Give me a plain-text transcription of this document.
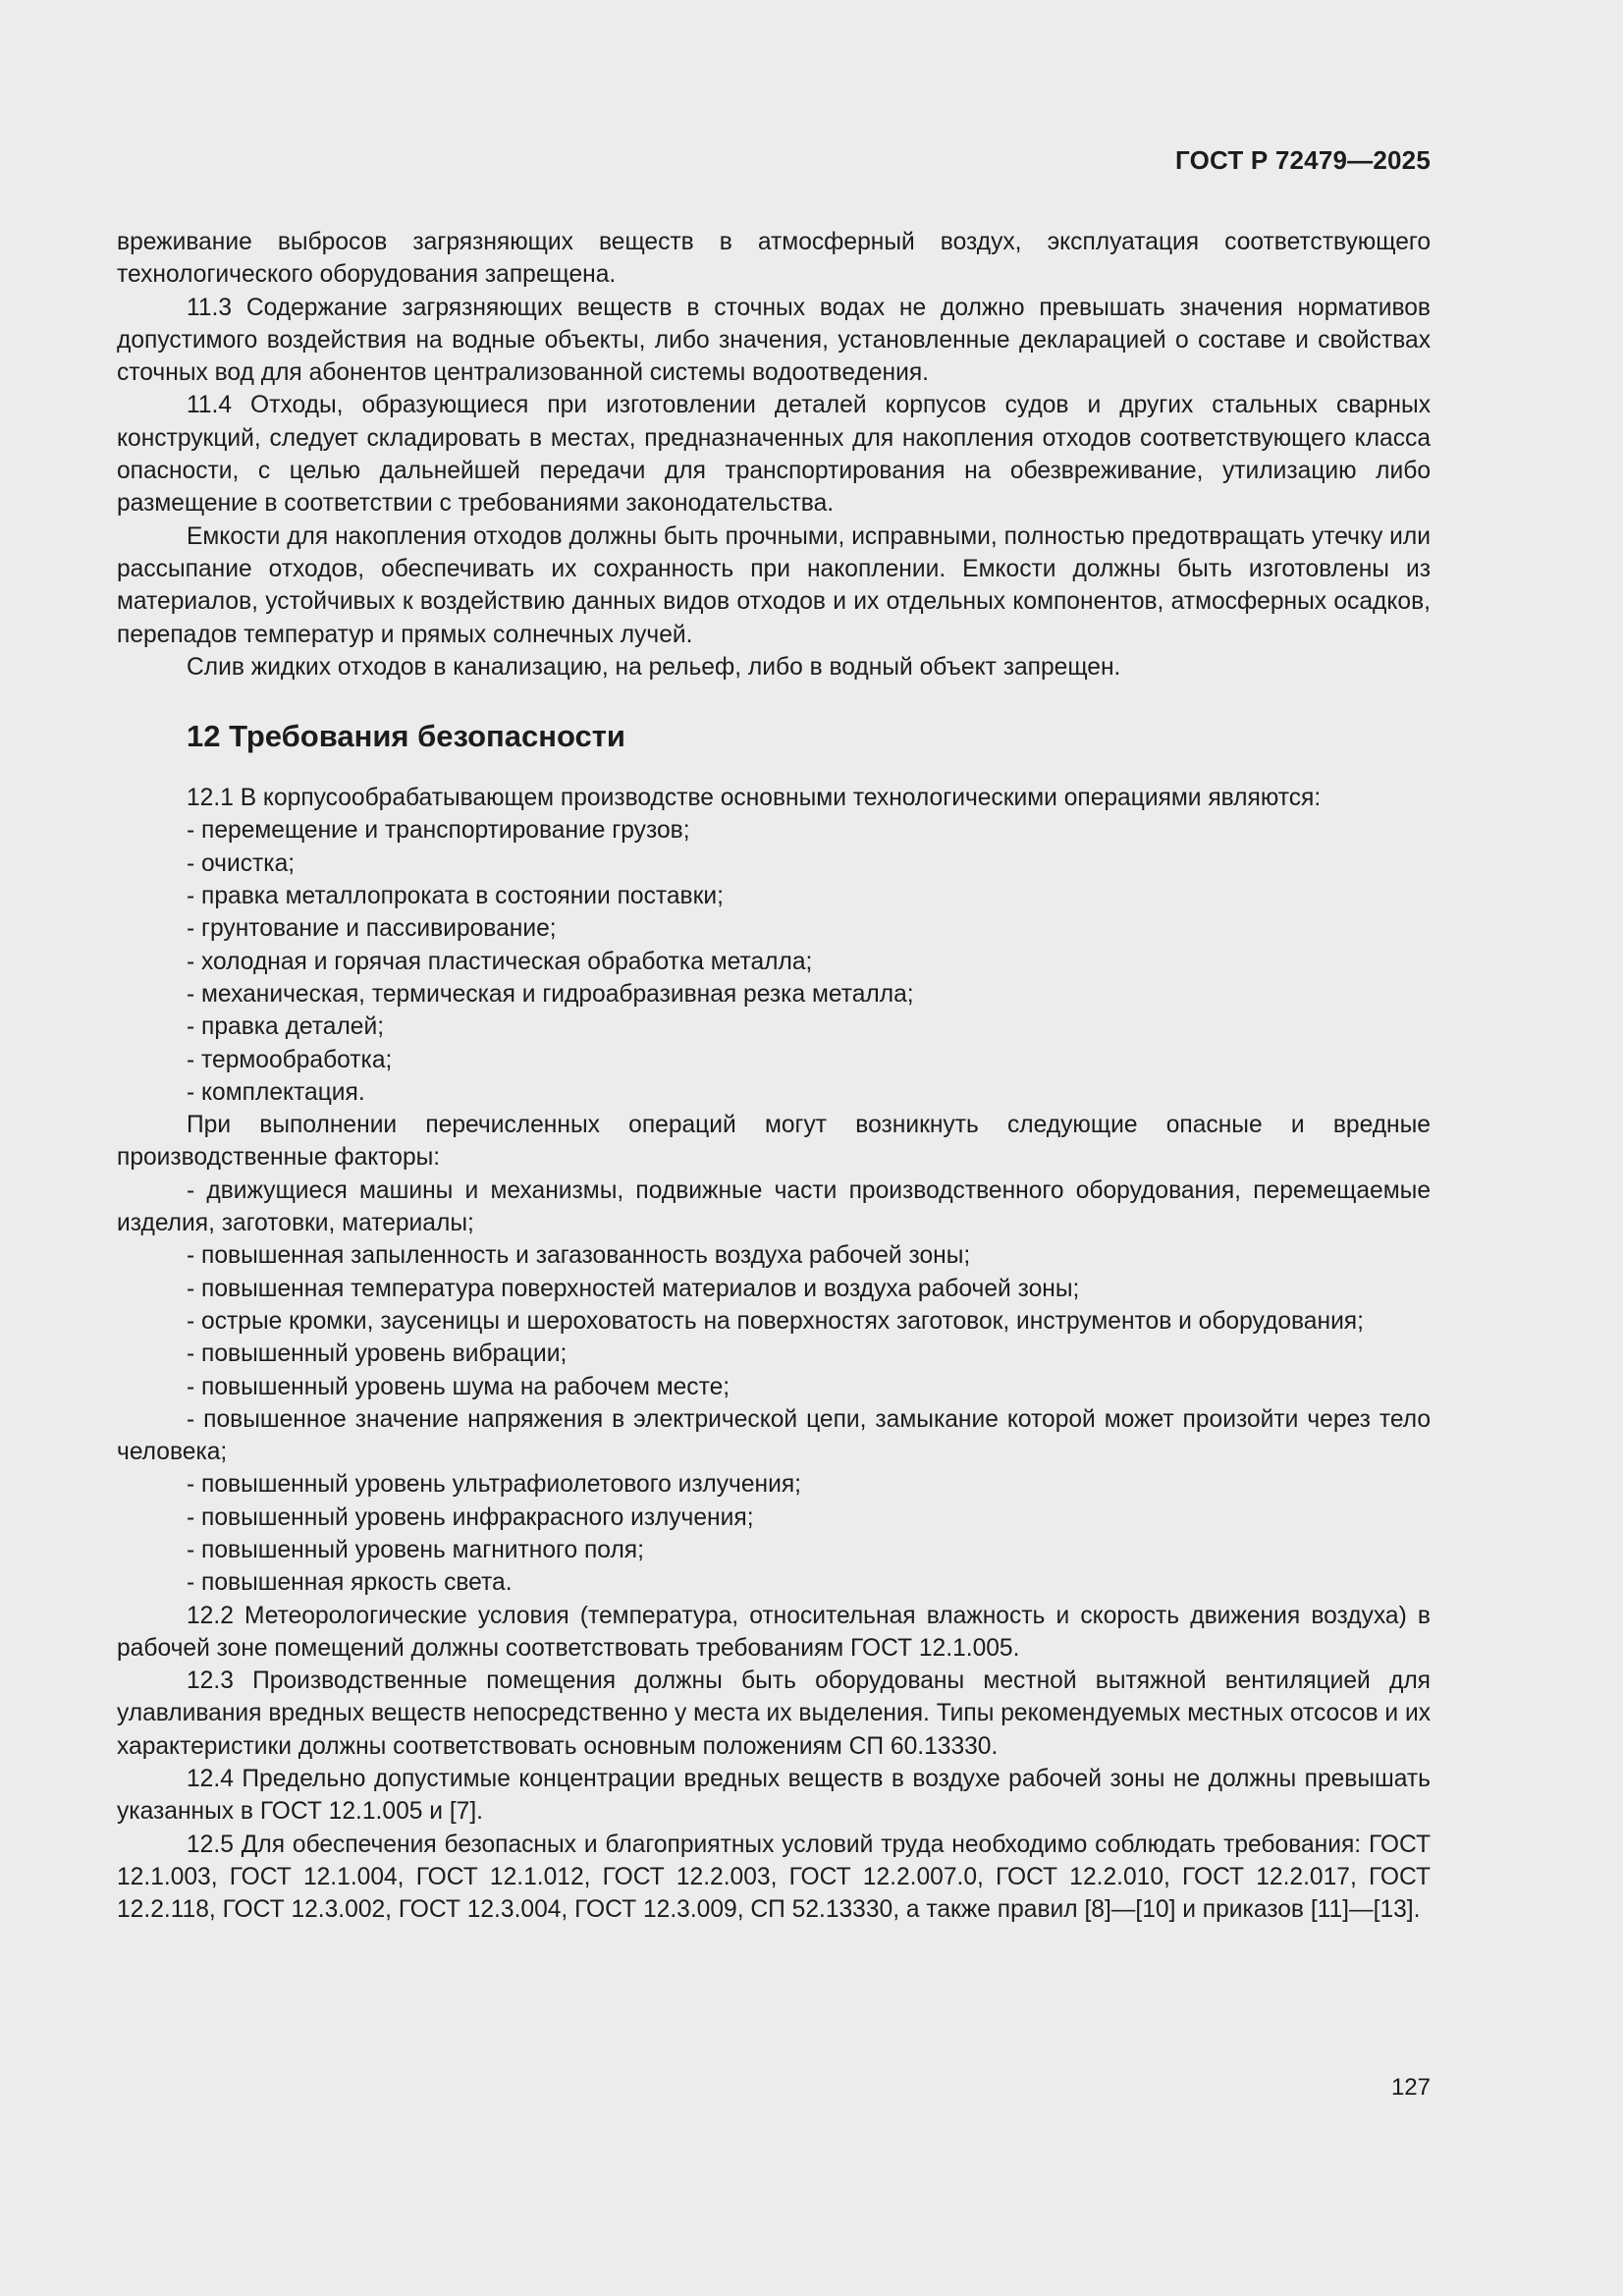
ГОСТ Р 72479—2025

вреживание выбросов загрязняющих веществ в атмосферный воздух, эксплуатация соответствующего технологического оборудования запрещена.

11.3 Содержание загрязняющих веществ в сточных водах не должно превышать значения нормативов допустимого воздействия на водные объекты, либо значения, установленные декларацией о составе и свойствах сточных вод для абонентов централизованной системы водоотведения.

11.4 Отходы, образующиеся при изготовлении деталей корпусов судов и других стальных сварных конструкций, следует складировать в местах, предназначенных для накопления отходов соответствующего класса опасности, с целью дальнейшей передачи для транспортирования на обезвреживание, утилизацию либо размещение в соответствии с требованиями законодательства.

Емкости для накопления отходов должны быть прочными, исправными, полностью предотвращать утечку или рассыпание отходов, обеспечивать их сохранность при накоплении. Емкости должны быть изготовлены из материалов, устойчивых к воздействию данных видов отходов и их отдельных компонентов, атмосферных осадков, перепадов температур и прямых солнечных лучей.

Слив жидких отходов в канализацию, на рельеф, либо в водный объект запрещен.

12 Требования безопасности

12.1 В корпусообрабатывающем производстве основными технологическими операциями являются:

- перемещение и транспортирование грузов;

- очистка;

- правка металлопроката в состоянии поставки;

- грунтование и пассивирование;

- холодная и горячая пластическая обработка металла;

- механическая, термическая и гидроабразивная резка металла;

- правка деталей;

- термообработка;

- комплектация.

При выполнении перечисленных операций могут возникнуть следующие опасные и вредные производственные факторы:

- движущиеся машины и механизмы, подвижные части производственного оборудования, перемещаемые изделия, заготовки, материалы;

- повышенная запыленность и загазованность воздуха рабочей зоны;

- повышенная температура поверхностей материалов и воздуха рабочей зоны;

- острые кромки, заусеницы и шероховатость на поверхностях заготовок, инструментов и оборудования;

- повышенный уровень вибрации;

- повышенный уровень шума на рабочем месте;

- повышенное значение напряжения в электрической цепи, замыкание которой может произойти через тело человека;

- повышенный уровень ультрафиолетового излучения;

- повышенный уровень инфракрасного излучения;

- повышенный уровень магнитного поля;

- повышенная яркость света.

12.2 Метеорологические условия (температура, относительная влажность и скорость движения воздуха) в рабочей зоне помещений должны соответствовать требованиям ГОСТ 12.1.005.

12.3 Производственные помещения должны быть оборудованы местной вытяжной вентиляцией для улавливания вредных веществ непосредственно у места их выделения. Типы рекомендуемых местных отсосов и их характеристики должны соответствовать основным положениям СП 60.13330.

12.4 Предельно допустимые концентрации вредных веществ в воздухе рабочей зоны не должны превышать указанных в ГОСТ 12.1.005 и [7].

12.5 Для обеспечения безопасных и благоприятных условий труда необходимо соблюдать требования: ГОСТ 12.1.003, ГОСТ 12.1.004, ГОСТ 12.1.012, ГОСТ 12.2.003, ГОСТ 12.2.007.0, ГОСТ 12.2.010, ГОСТ 12.2.017, ГОСТ 12.2.118, ГОСТ 12.3.002, ГОСТ 12.3.004, ГОСТ 12.3.009, СП 52.13330, а также правил [8]—[10] и приказов [11]—[13].

127
